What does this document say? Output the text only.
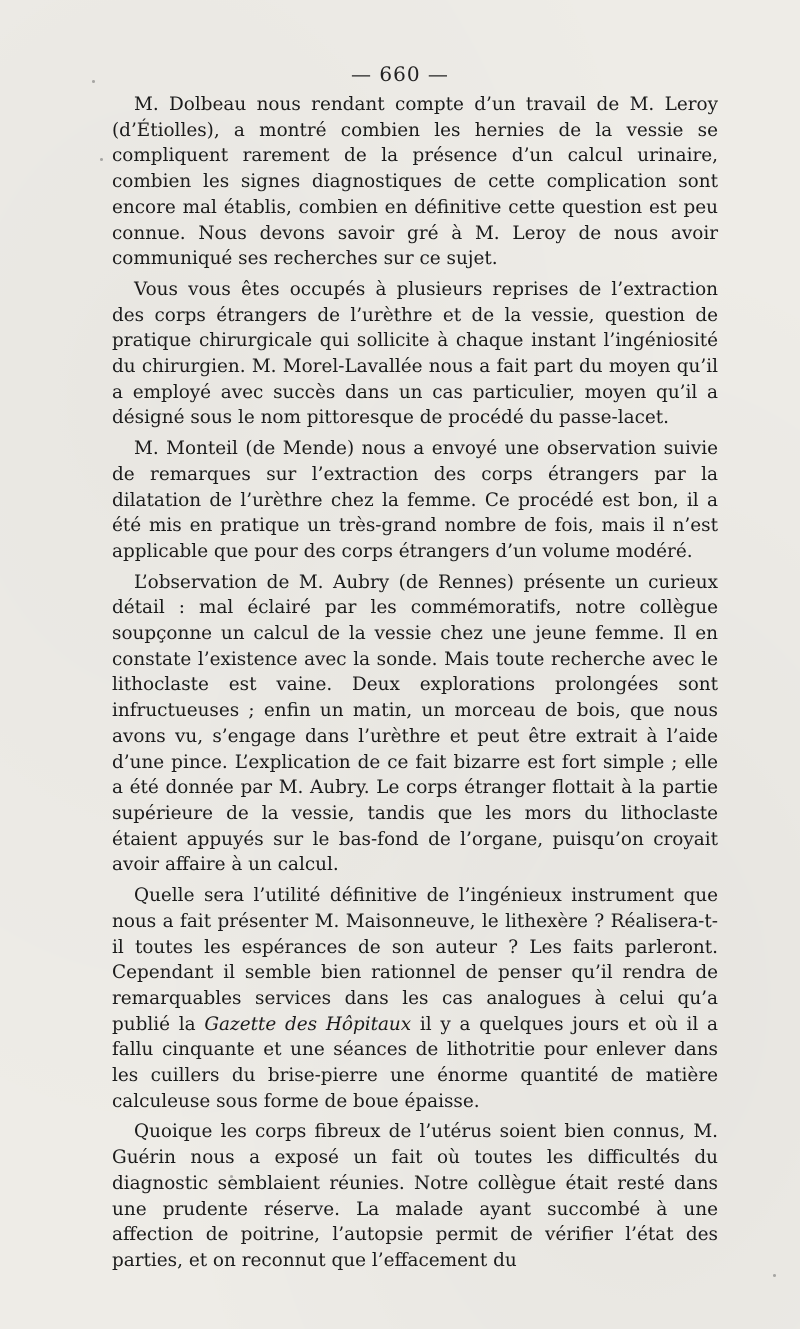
— 660 —

M. Dolbeau nous rendant compte d’un travail de M. Leroy (d’Étiolles), a montré combien les hernies de la vessie se compliquent rarement de la présence d’un calcul urinaire, combien les signes diagnostiques de cette complication sont encore mal établis, combien en définitive cette question est peu connue. Nous devons savoir gré à M. Leroy de nous avoir communiqué ses recherches sur ce sujet.

Vous vous êtes occupés à plusieurs reprises de l’extraction des corps étrangers de l’urèthre et de la vessie, question de pratique chirurgicale qui sollicite à chaque instant l’ingéniosité du chirurgien. M. Morel-Lavallée nous a fait part du moyen qu’il a employé avec succès dans un cas particulier, moyen qu’il a désigné sous le nom pittoresque de procédé du passe-lacet.

M. Monteil (de Mende) nous a envoyé une observation suivie de remarques sur l’extraction des corps étrangers par la dilatation de l’urèthre chez la femme. Ce procédé est bon, il a été mis en pratique un très-grand nombre de fois, mais il n’est applicable que pour des corps étrangers d’un volume modéré.

L’observation de M. Aubry (de Rennes) présente un curieux détail : mal éclairé par les commémoratifs, notre collègue soupçonne un calcul de la vessie chez une jeune femme. Il en constate l’existence avec la sonde. Mais toute recherche avec le lithoclaste est vaine. Deux explorations prolongées sont infructueuses ; enfin un matin, un morceau de bois, que nous avons vu, s’engage dans l’urèthre et peut être extrait à l’aide d’une pince. L’explication de ce fait bizarre est fort simple ; elle a été donnée par M. Aubry. Le corps étranger flottait à la partie supérieure de la vessie, tandis que les mors du lithoclaste étaient appuyés sur le bas-fond de l’organe, puisqu’on croyait avoir affaire à un calcul.

Quelle sera l’utilité définitive de l’ingénieux instrument que nous a fait présenter M. Maisonneuve, le lithexère ? Réalisera-t-il toutes les espérances de son auteur ? Les faits parleront. Cependant il semble bien rationnel de penser qu’il rendra de remarquables services dans les cas analogues à celui qu’a publié la Gazette des Hôpitaux il y a quelques jours et où il a fallu cinquante et une séances de lithotritie pour enlever dans les cuillers du brise-pierre une énorme quantité de matière calculeuse sous forme de boue épaisse.

Quoique les corps fibreux de l’utérus soient bien connus, M. Guérin nous a exposé un fait où toutes les difficultés du diagnostic semblaient réunies. Notre collègue était resté dans une prudente réserve. La malade ayant succombé à une affection de poitrine, l’autopsie permit de vérifier l’état des parties, et on reconnut que l’effacement du
